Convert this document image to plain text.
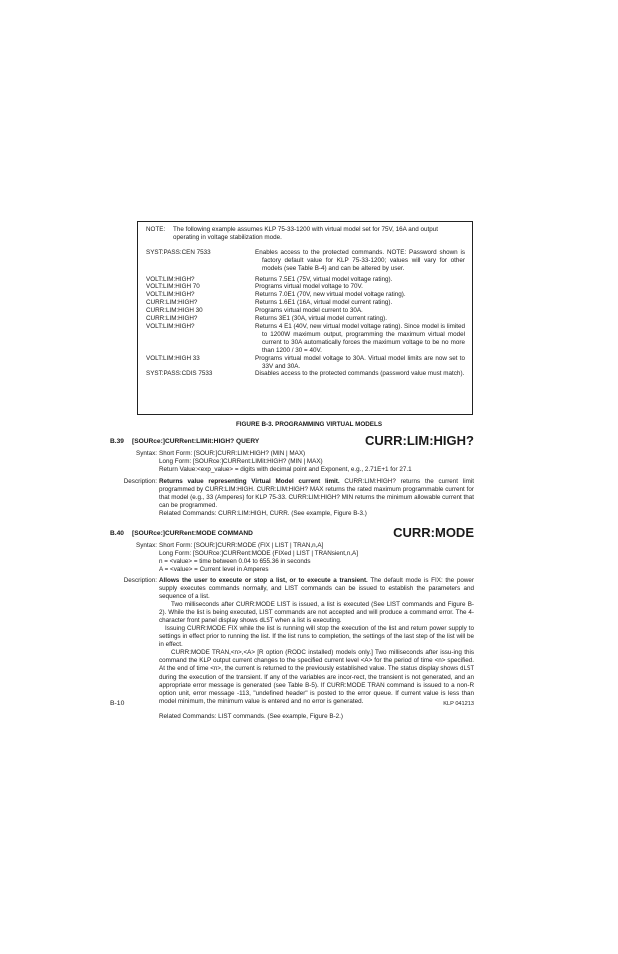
NOTE:	The following example assumes KLP 75-33-1200 with virtual model set for 75V, 16A and output operating in voltage stabilization mode.
SYST:PASS:CEN 7533	Enables access to the protected commands. NOTE: Password shown is factory default value for KLP 75-33-1200; values will vary for other models (see Table B-4) and can be altered by user.
VOLT:LIM:HIGH?	Returns 7.5E1 (75V, virtual model voltage rating).
VOLT:LIM:HIGH 70	Programs virtual model voltage to 70V.
VOLT:LIM:HIGH?	Returns 7.0E1 (70V, new virtual model voltage rating).
CURR:LIM:HIGH?	Returns 1.6E1 (16A, virtual model current rating).
CURR:LIM:HIGH 30	Programs virtual model current to 30A.
CURR:LIM:HIGH?	Returns 3E1 (30A, virtual model current rating).
VOLT:LIM:HIGH?	Returns 4 E1 (40V, new virtual model voltage rating). Since model is limited to 1200W maximum output, programming the maximum virtual model current to 30A automatically forces the maximum voltage to be no more than 1200 / 30 = 40V.
VOLT:LIM:HIGH 33	Programs virtual model voltage to 30A. Virtual model limits are now set to 33V and 30A.
SYST:PASS:CDIS 7533	Disables access to the protected commands (password value must match).
FIGURE B-3. PROGRAMMING VIRTUAL MODELS
B.39 [SOURce:]CURRent:LIMit:HIGH? QUERY	CURR:LIM:HIGH?
Syntax: Short Form: [SOUR:]CURR:LIM:HIGH? (MIN | MAX)

Long Form: [SOURce:]CURRent:LIMit:HIGH? (MIN | MAX)

Return Value:<exp_value> = digits with decimal point and Exponent, e.g., 2.71E+1 for 27.1

Description: Returns value representing Virtual Model current limit. CURR:LIM:HIGH? returns the current limit programmed by CURR:LIM:HIGH. CURR:LIM:HIGH? MAX returns the rated maximum programmable current for that model (e.g., 33 (Amperes) for KLP 75-33. CURR:LIM:HIGH? MIN returns the minimum allowable current that can be programmed.

Related Commands: CURR:LIM:HIGH, CURR. (See example, Figure B-3.)

B.40 [SOURce:]CURRent:MODE COMMAND	CURR:MODE
Syntax: Short Form: [SOUR:]CURR:MODE (FIX | LIST | TRAN,n,A]

Long Form: [SOURce:]CURRent:MODE (FIXed | LIST | TRANsient,n,A]

n = <value> = time between 0.04 to 655.36 in seconds

A = <value> = Current level in Amperes

Description: Allows the user to execute or stop a list, or to execute a transient. The default mode is FIX: the power supply executes commands normally, and LIST commands can be issued to establish the parameters and sequence of a list.

Two milliseconds after CURR:MODE LIST is issued, a list is executed (See LIST commands and Figure B-2). While the list is being executed, LIST commands are not accepted and will produce a command error. The 4- character front panel display shows dLST when a list is executing.

Issuing CURR:MODE FIX while the list is running will stop the execution of the list and return power supply to settings in effect prior to running the list. If the list runs to completion, the settings of the last step of the list will be in effect.

CURR:MODE TRAN,<n>,<A> [R option (RODC installed) models only.] Two milliseconds after issu-ing this command the KLP output current changes to the specified current level <A> for the period of time <n> specified. At the end of time <n>, the current is returned to the previously established value. The status display shows dLST during the execution of the transient. If any of the variables are incor-rect, the transient is not generated, and an appropriate error message is generated (see Table B-5). If CURR:MODE TRAN command is issued to a non-R option unit, error message -113, "undefined header" is posted to the error queue. If current value is less than model minimum, the minimum value is entered and no error is generated.

Related Commands: LIST commands. (See example, Figure B-2.)

B-10	KLP 041213
